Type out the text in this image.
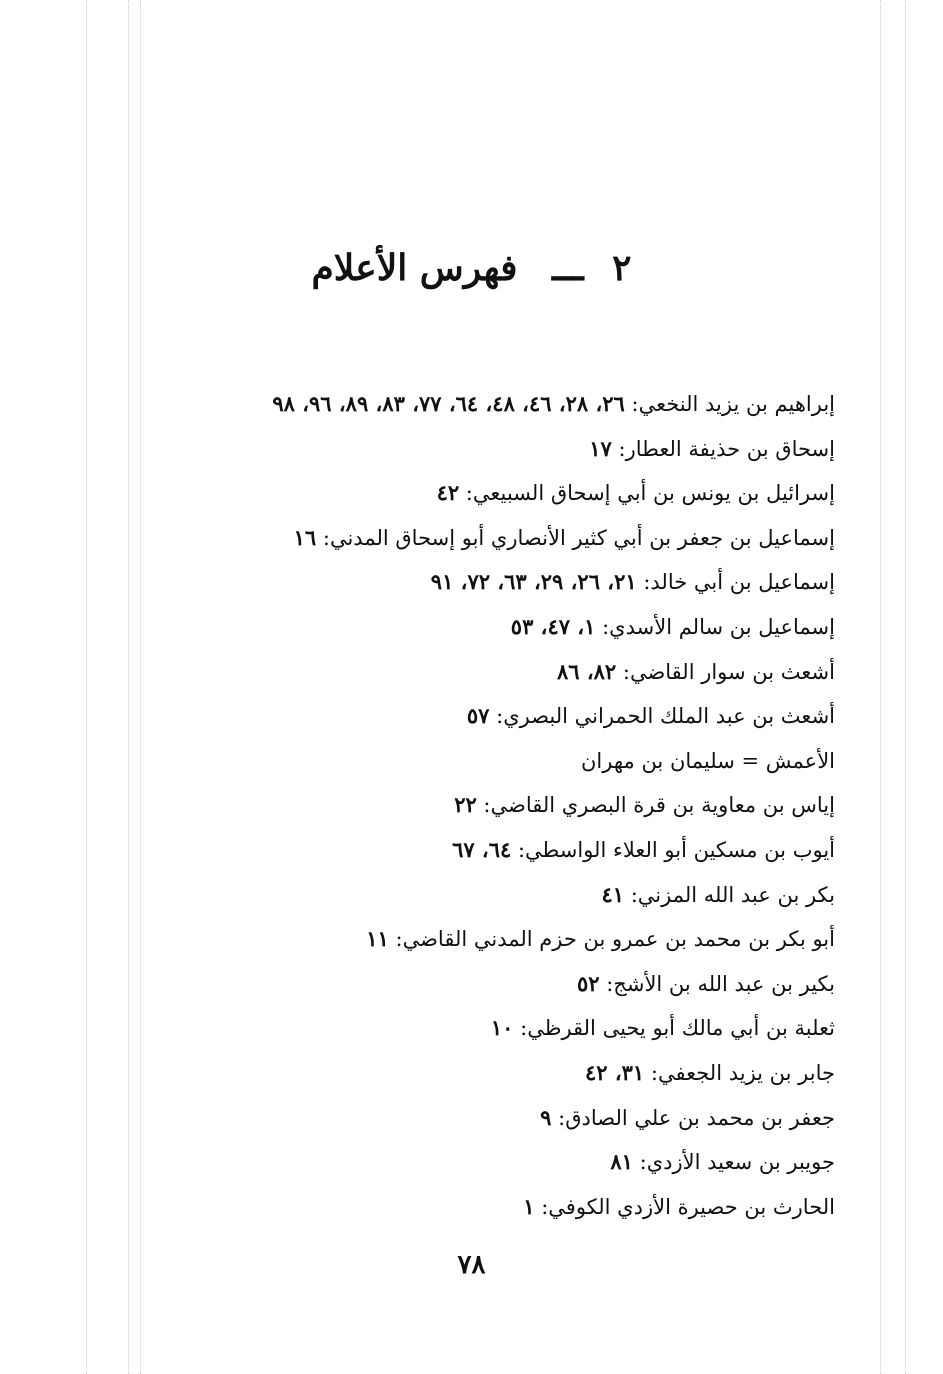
٢ ـــ فهرس الأعلام
إبراهيم بن يزيد النخعي: ٢٦، ٢٨، ٤٦، ٤٨، ٦٤، ٧٧، ٨٣، ٨٩، ٩٦، ٩٨
إسحاق بن حذيفة العطار: ١٧
إسرائيل بن يونس بن أبي إسحاق السبيعي: ٤٢
إسماعيل بن جعفر بن أبي كثير الأنصاري أبو إسحاق المدني: ١٦
إسماعيل بن أبي خالد: ٢١، ٢٦، ٢٩، ٦٣، ٧٢، ٩١
إسماعيل بن سالم الأسدي: ١، ٤٧، ٥٣
أشعث بن سوار القاضي: ٨٢، ٨٦
أشعث بن عبد الملك الحمراني البصري: ٥٧
الأعمش = سليمان بن مهران
إياس بن معاوية بن قرة البصري القاضي: ٢٢
أيوب بن مسكين أبو العلاء الواسطي: ٦٤، ٦٧
بكر بن عبد الله المزني: ٤١
أبو بكر بن محمد بن عمرو بن حزم المدني القاضي: ١١
بكير بن عبد الله بن الأشج: ٥٢
ثعلبة بن أبي مالك أبو يحيى القرظي: ١٠
جابر بن يزيد الجعفي: ٣١، ٤٢
جعفر بن محمد بن علي الصادق: ٩
جويبر بن سعيد الأزدي: ٨١
الحارث بن حصيرة الأزدي الكوفي: ١
٧٨
